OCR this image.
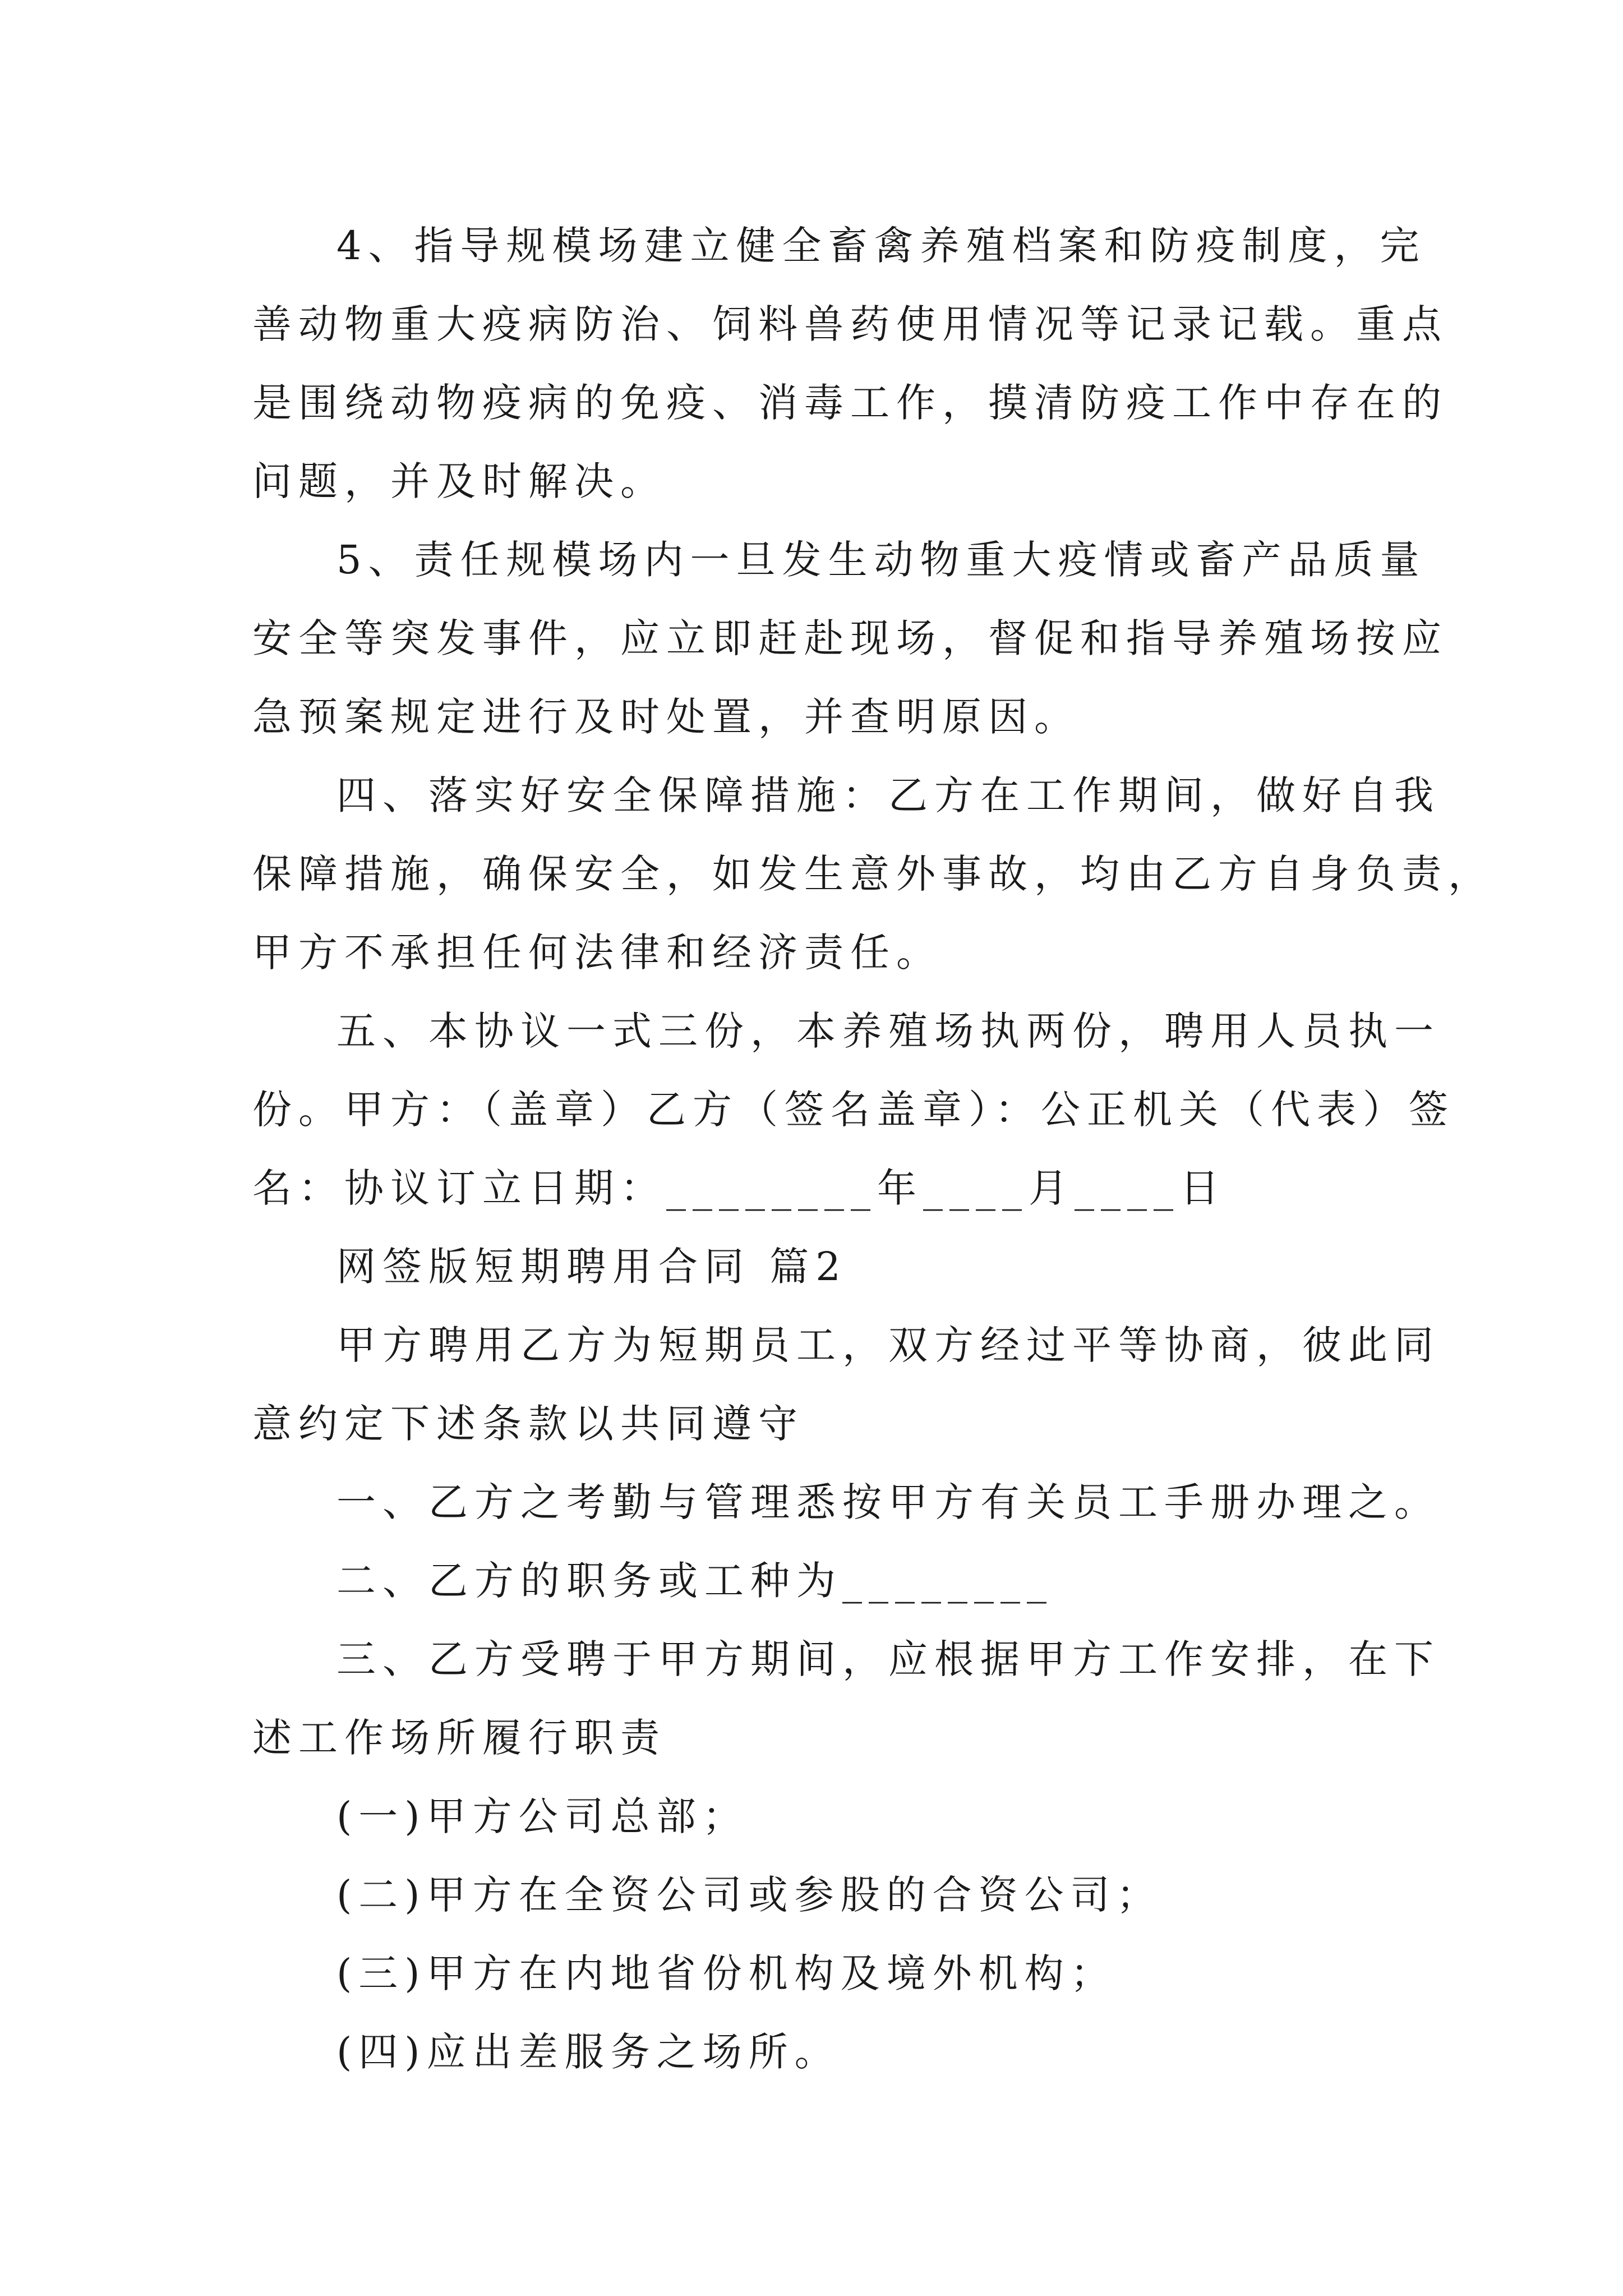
4、指导规模场建立健全畜禽养殖档案和防疫制度，完
善动物重大疫病防治、饲料兽药使用情况等记录记载。重点
是围绕动物疫病的免疫、消毒工作，摸清防疫工作中存在的
问题，并及时解决。
5、责任规模场内一旦发生动物重大疫情或畜产品质量
安全等突发事件，应立即赶赴现场，督促和指导养殖场按应
急预案规定进行及时处置，并查明原因。
四、落实好安全保障措施：乙方在工作期间，做好自我
保障措施，确保安全，如发生意外事故，均由乙方自身负责，
甲方不承担任何法律和经济责任。
五、本协议一式三份，本养殖场执两份，聘用人员执一
份。甲方：（盖章）乙方（签名盖章）：公正机关（代表）签
名：协议订立日期：________年____月____日
网签版短期聘用合同 篇2
甲方聘用乙方为短期员工，双方经过平等协商，彼此同
意约定下述条款以共同遵守
一、乙方之考勤与管理悉按甲方有关员工手册办理之。
二、乙方的职务或工种为________
三、乙方受聘于甲方期间，应根据甲方工作安排，在下
述工作场所履行职责
(一)甲方公司总部；
(二)甲方在全资公司或参股的合资公司；
(三)甲方在内地省份机构及境外机构；
(四)应出差服务之场所。
